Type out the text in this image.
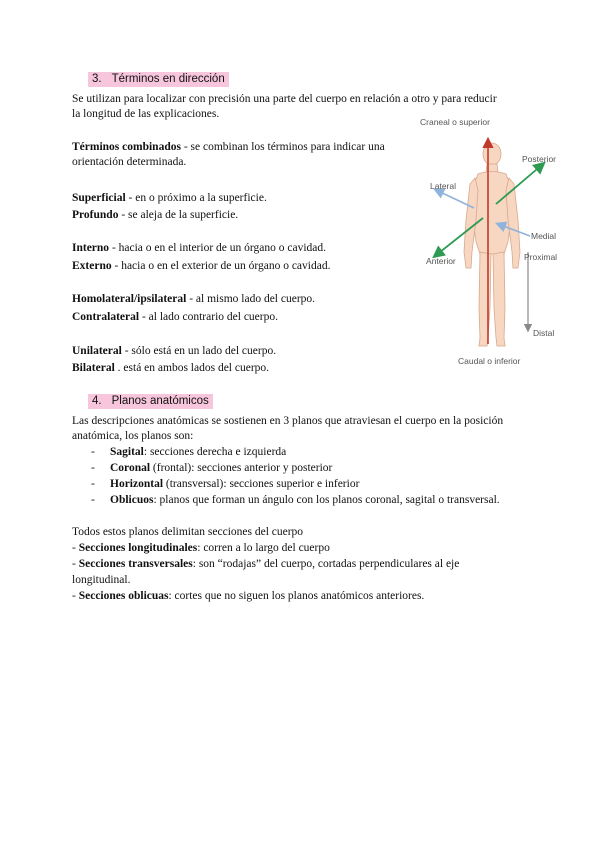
3. Términos en dirección
Se utilizan para localizar con precisión una parte del cuerpo en relación a otro y para reducir
la longitud de las explicaciones.
Términos combinados - se combinan los términos para indicar una
orientación determinada.
Superficial - en o próximo a la superficie.
Profundo - se aleja de la superficie.
Interno - hacia o en el interior de un órgano o cavidad.
Externo - hacia o en el exterior de un órgano o cavidad.
Homolateral/ipsilateral - al mismo lado del cuerpo.
Contralateral - al lado contrario del cuerpo.
Unilateral - sólo está en un lado del cuerpo.
Bilateral . está en ambos lados del cuerpo.
Craneal o superior
Posterior
Lateral
Medial
Anterior	Proximal
Distal
Caudal o inferior
4. Planos anatómicos
Las descripciones anatómicas se sostienen en 3 planos que atraviesan el cuerpo en la posición
anatómica, los planos son:
- Sagital: secciones derecha e izquierda
- Coronal (frontal): secciones anterior y posterior
- Horizontal (transversal): secciones superior e inferior
- Oblicuos: planos que forman un ángulo con los planos coronal, sagital o transversal.
Todos estos planos delimitan secciones del cuerpo
- Secciones longitudinales: corren a lo largo del cuerpo
- Secciones transversales: son “rodajas” del cuerpo, cortadas perpendiculares al eje
longitudinal.
- Secciones oblicuas: cortes que no siguen los planos anatómicos anteriores.
